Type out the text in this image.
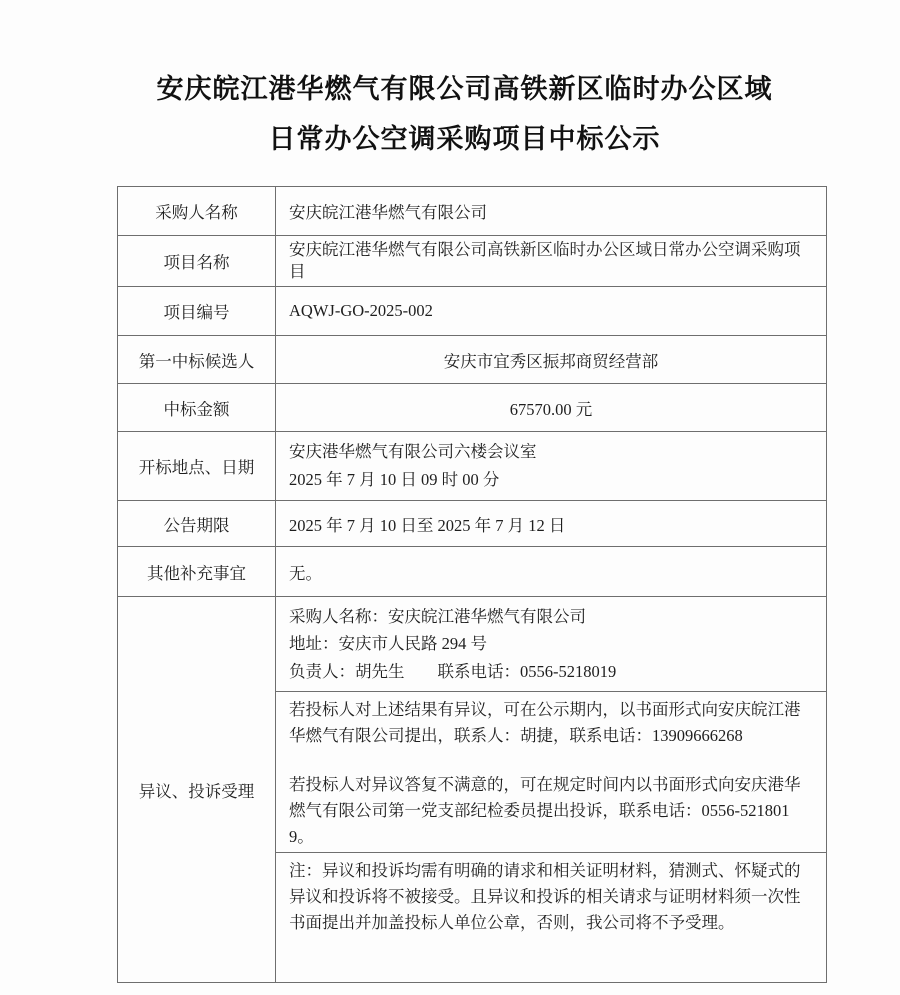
安庆皖江港华燃气有限公司高铁新区临时办公区域
日常办公空调采购项目中标公示
采购人名称	安庆皖江港华燃气有限公司
项目名称	安庆皖江港华燃气有限公司高铁新区临时办公区域日常办公空调采购项目
项目编号	AQWJ-GO-2025-002
第一中标候选人	安庆市宜秀区振邦商贸经营部
中标金额	67570.00 元
开标地点、日期	安庆港华燃气有限公司六楼会议室
2025 年 7 月 10 日 09 时 00 分

公告期限	2025 年 7 月 10 日至 2025 年 7 月 12 日
其他补充事宜	无。
异议、投诉受理	采购人名称：安庆皖江港华燃气有限公司
地址：安庆市人民路 294 号
负责人：胡先生　　联系电话：0556-5218019

	若投标人对上述结果有异议，可在公示期内，以书面形式向安庆皖江港华燃气有限公司提出，联系人：胡捷，联系电话：13909666268

若投标人对异议答复不满意的，可在规定时间内以书面形式向安庆港华燃气有限公司第一党支部纪检委员提出投诉，联系电话：0556-5218019。

	注：异议和投诉均需有明确的请求和相关证明材料，猜测式、怀疑式的异议和投诉将不被接受。且异议和投诉的相关请求与证明材料须一次性书面提出并加盖投标人单位公章，否则，我公司将不予受理。
